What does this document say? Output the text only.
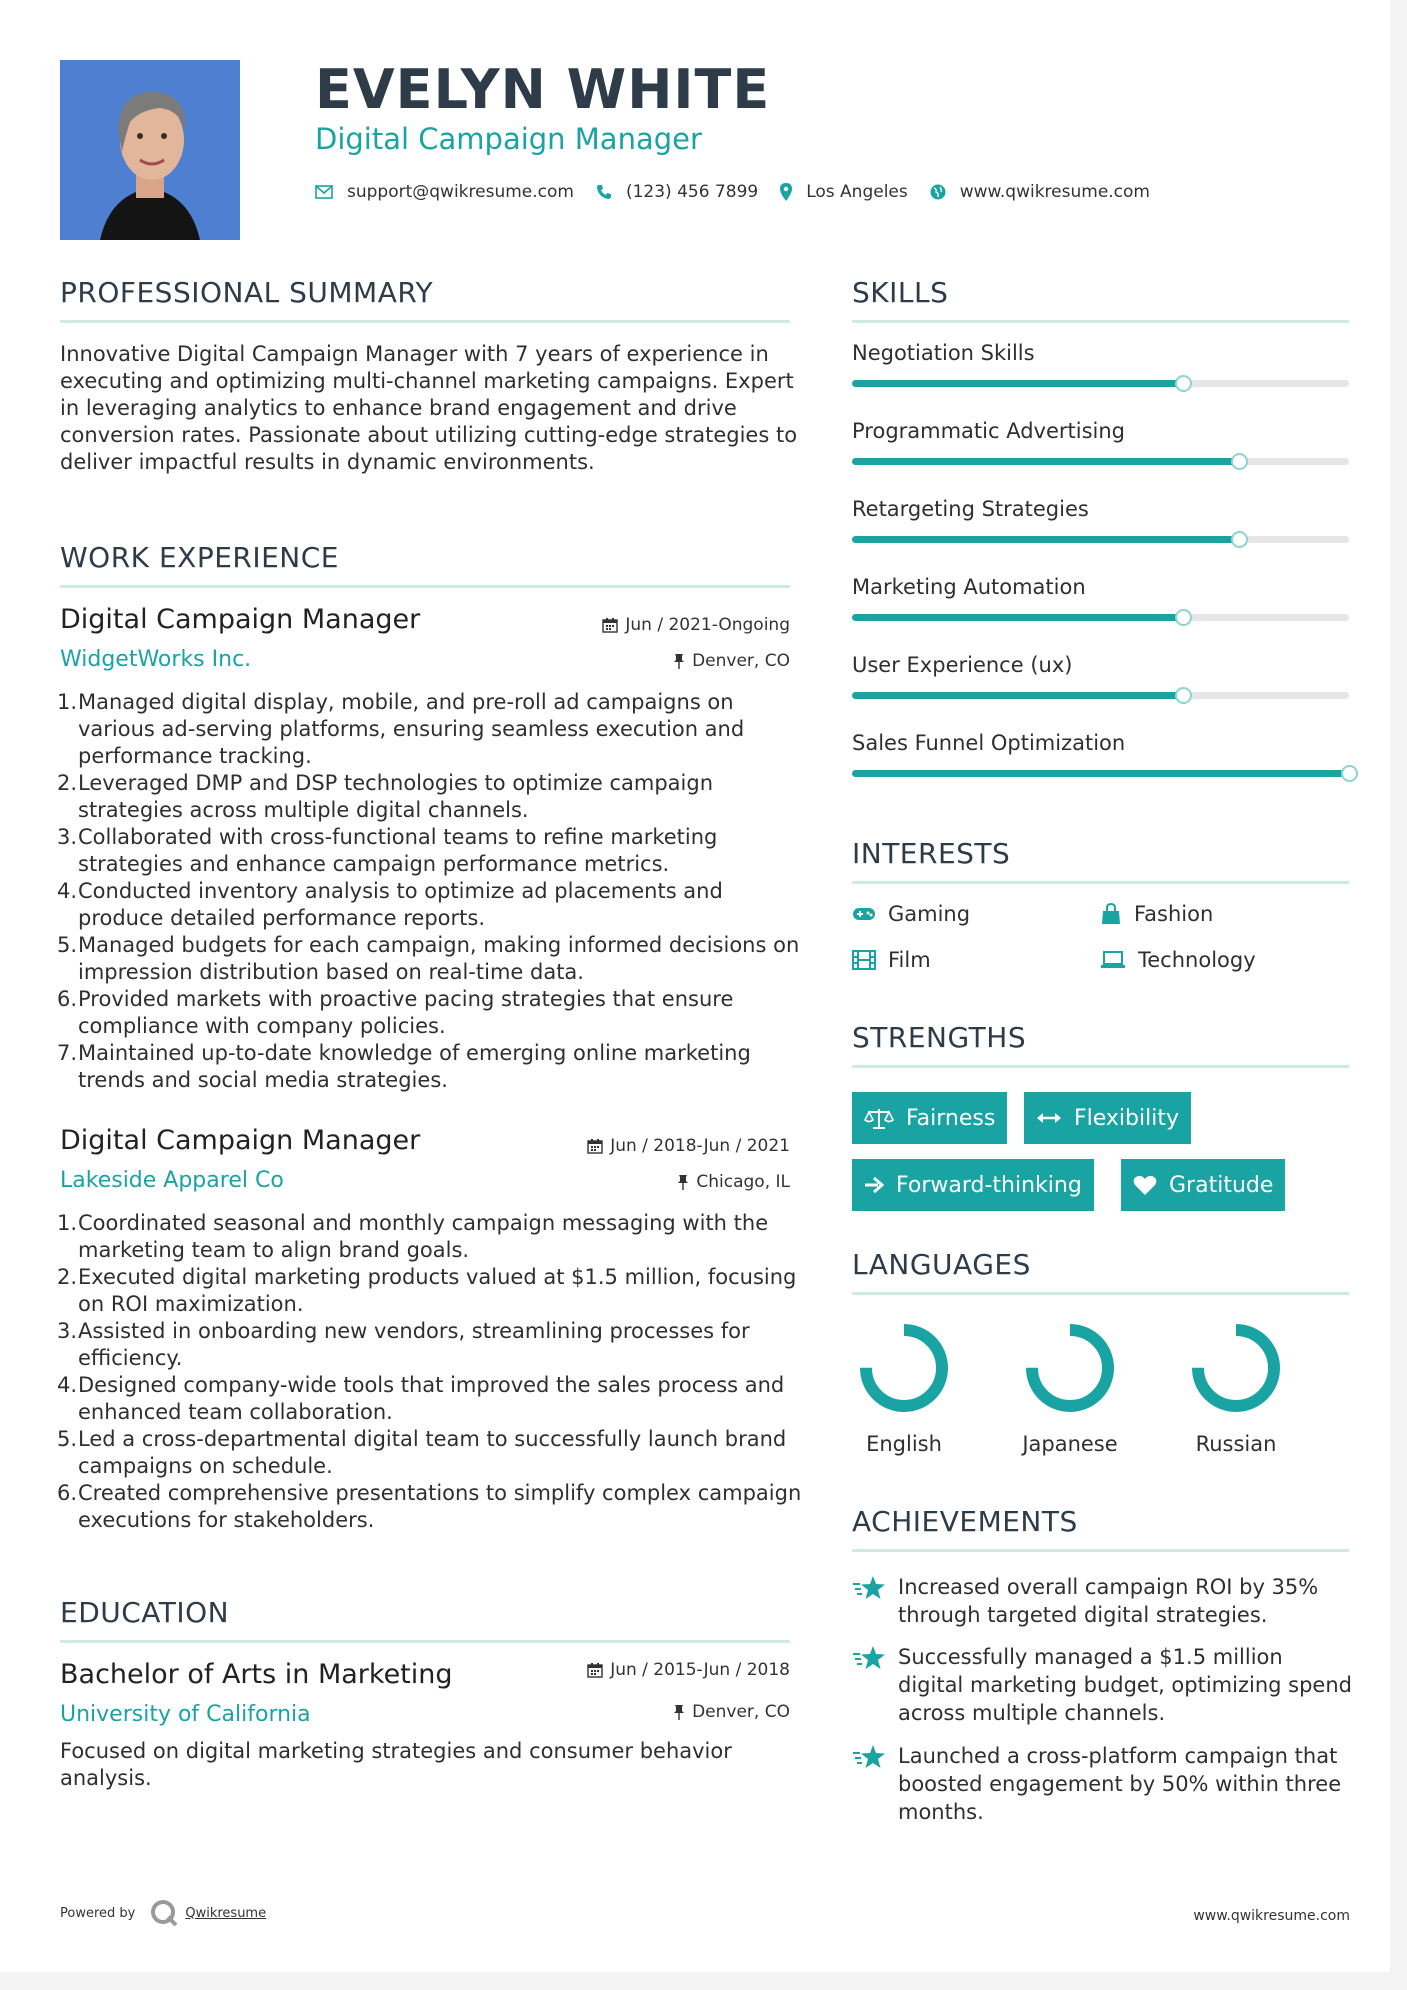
EVELYN WHITE
Digital Campaign Manager
support@qwikresume.com	(123) 456 7899	Los Angeles	www.qwikresume.com
PROFESSIONAL SUMMARY
Innovative Digital Campaign Manager with 7 years of experience in executing and optimizing multi-channel marketing campaigns. Expert in leveraging analytics to enhance brand engagement and drive conversion rates. Passionate about utilizing cutting-edge strategies to deliver impactful results in dynamic environments.
WORK EXPERIENCE
Digital Campaign Manager	Jun / 2021-Ongoing
WidgetWorks Inc.	Denver, CO
1. Managed digital display, mobile, and pre-roll ad campaigns on various ad-serving platforms, ensuring seamless execution and performance tracking.
2. Leveraged DMP and DSP technologies to optimize campaign strategies across multiple digital channels.
3. Collaborated with cross-functional teams to refine marketing strategies and enhance campaign performance metrics.
4. Conducted inventory analysis to optimize ad placements and produce detailed performance reports.
5. Managed budgets for each campaign, making informed decisions on impression distribution based on real-time data.
6. Provided markets with proactive pacing strategies that ensure compliance with company policies.
7. Maintained up-to-date knowledge of emerging online marketing trends and social media strategies.
Digital Campaign Manager	Jun / 2018-Jun / 2021
Lakeside Apparel Co	Chicago, IL
1. Coordinated seasonal and monthly campaign messaging with the marketing team to align brand goals.
2. Executed digital marketing products valued at $1.5 million, focusing on ROI maximization.
3. Assisted in onboarding new vendors, streamlining processes for efficiency.
4. Designed company-wide tools that improved the sales process and enhanced team collaboration.
5. Led a cross-departmental digital team to successfully launch brand campaigns on schedule.
6. Created comprehensive presentations to simplify complex campaign executions for stakeholders.
EDUCATION
Bachelor of Arts in Marketing	Jun / 2015-Jun / 2018
University of California	Denver, CO
Focused on digital marketing strategies and consumer behavior analysis.
SKILLS
Negotiation Skills
Programmatic Advertising
Retargeting Strategies
Marketing Automation
User Experience (ux)
Sales Funnel Optimization
INTERESTS
Gaming	Fashion
Film	Technology
STRENGTHS
Fairness	Flexibility
Forward-thinking	Gratitude
LANGUAGES
English	Japanese	Russian
ACHIEVEMENTS
Increased overall campaign ROI by 35% through targeted digital strategies.
Successfully managed a $1.5 million digital marketing budget, optimizing spend across multiple channels.
Launched a cross-platform campaign that boosted engagement by 50% within three months.
Powered by	Qwikresume	www.qwikresume.com
